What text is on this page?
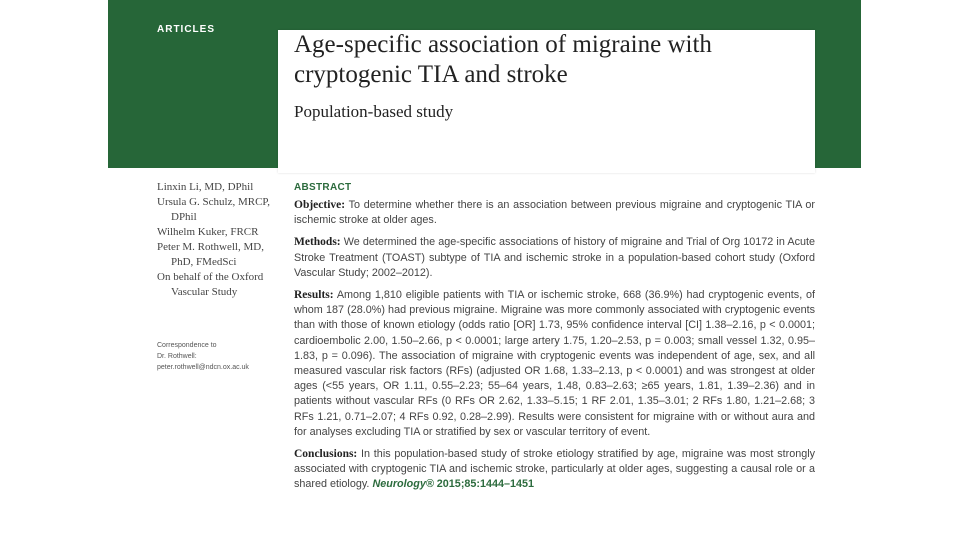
ARTICLES
Age-specific association of migraine with cryptogenic TIA and stroke
Population-based study
Linxin Li, MD, DPhil
Ursula G. Schulz, MRCP,
DPhil
Wilhelm Kuker, FRCR
Peter M. Rothwell, MD,
PhD, FMedSci
On behalf of the Oxford
Vascular Study
Correspondence to
Dr. Rothwell:
peter.rothwell@ndcn.ox.ac.uk
ABSTRACT

Objective: To determine whether there is an association between previous migraine and cryptogenic TIA or ischemic stroke at older ages.

Methods: We determined the age-specific associations of history of migraine and Trial of Org 10172 in Acute Stroke Treatment (TOAST) subtype of TIA and ischemic stroke in a population-based cohort study (Oxford Vascular Study; 2002–2012).

Results: Among 1,810 eligible patients with TIA or ischemic stroke, 668 (36.9%) had cryptogenic events, of whom 187 (28.0%) had previous migraine. Migraine was more commonly associated with cryptogenic events than with those of known etiology (odds ratio [OR] 1.73, 95% confidence interval [CI] 1.38–2.16, p < 0.0001; cardioembolic 2.00, 1.50–2.66, p < 0.0001; large artery 1.75, 1.20–2.53, p = 0.003; small vessel 1.32, 0.95–1.83, p = 0.096). The association of migraine with cryptogenic events was independent of age, sex, and all measured vascular risk factors (RFs) (adjusted OR 1.68, 1.33–2.13, p < 0.0001) and was strongest at older ages (<55 years, OR 1.11, 0.55–2.23; 55–64 years, 1.48, 0.83–2.63; ≥65 years, 1.81, 1.39–2.36) and in patients without vascular RFs (0 RFs OR 2.62, 1.33–5.15; 1 RF 2.01, 1.35–3.01; 2 RFs 1.80, 1.21–2.68; 3 RFs 1.21, 0.71–2.07; 4 RFs 0.92, 0.28–2.99). Results were consistent for migraine with or without aura and for analyses excluding TIA or stratified by sex or vascular territory of event.

Conclusions: In this population-based study of stroke etiology stratified by age, migraine was most strongly associated with cryptogenic TIA and ischemic stroke, particularly at older ages, suggesting a causal role or a shared etiology. Neurology® 2015;85:1444–1451
